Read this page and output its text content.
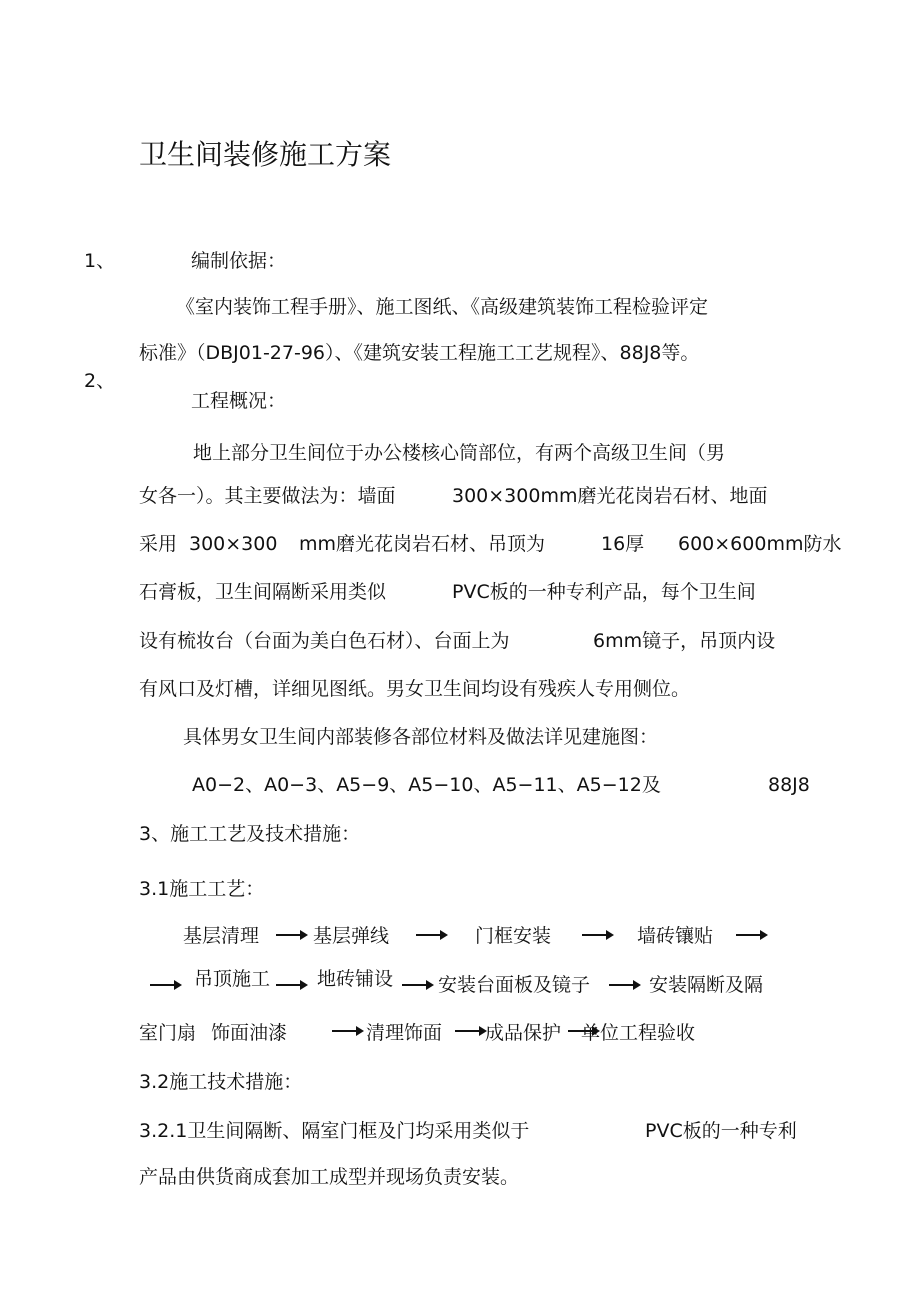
卫生间装修施工方案
1、	编制依据：
《室内装饰工程手册》、施工图纸、《高级建筑装饰工程检验评定
标准》（DBJ01-27-96）、《建筑安装工程施工工艺规程》、88J8等。
2、
工程概况：
地上部分卫生间位于办公楼核心筒部位，有两个高级卫生间（男
女各一）。其主要做法为：墙面	300×300mm磨光花岗岩石材、地面
采用 300×300 mm磨光花岗岩石材、吊顶为	16厚 600×600mm防水
石膏板，卫生间隔断采用类似	PVC板的一种专利产品，每个卫生间
设有梳妆台（台面为美白色石材）、台面上为	6mm镜子，吊顶内设
有风口及灯槽，详细见图纸。男女卫生间均设有残疾人专用侧位。
具体男女卫生间内部装修各部位材料及做法详见建施图：
A0−2、A0−3、A5−9、A5−10、A5−11、A5−12及	88J8
3、施工工艺及技术措施：
3.1施工工艺：
基层清理	基层弹线	门框安装	墙砖镶贴
吊顶施工 地砖铺设 安装台面板及镜子	安装隔断及隔
室门扇 饰面油漆	清理饰面 成品保护 单位工程验收
3.2施工技术措施：
3.2.1卫生间隔断、隔室门框及门均采用类似于	PVC板的一种专利
产品由供货商成套加工成型并现场负责安装。
